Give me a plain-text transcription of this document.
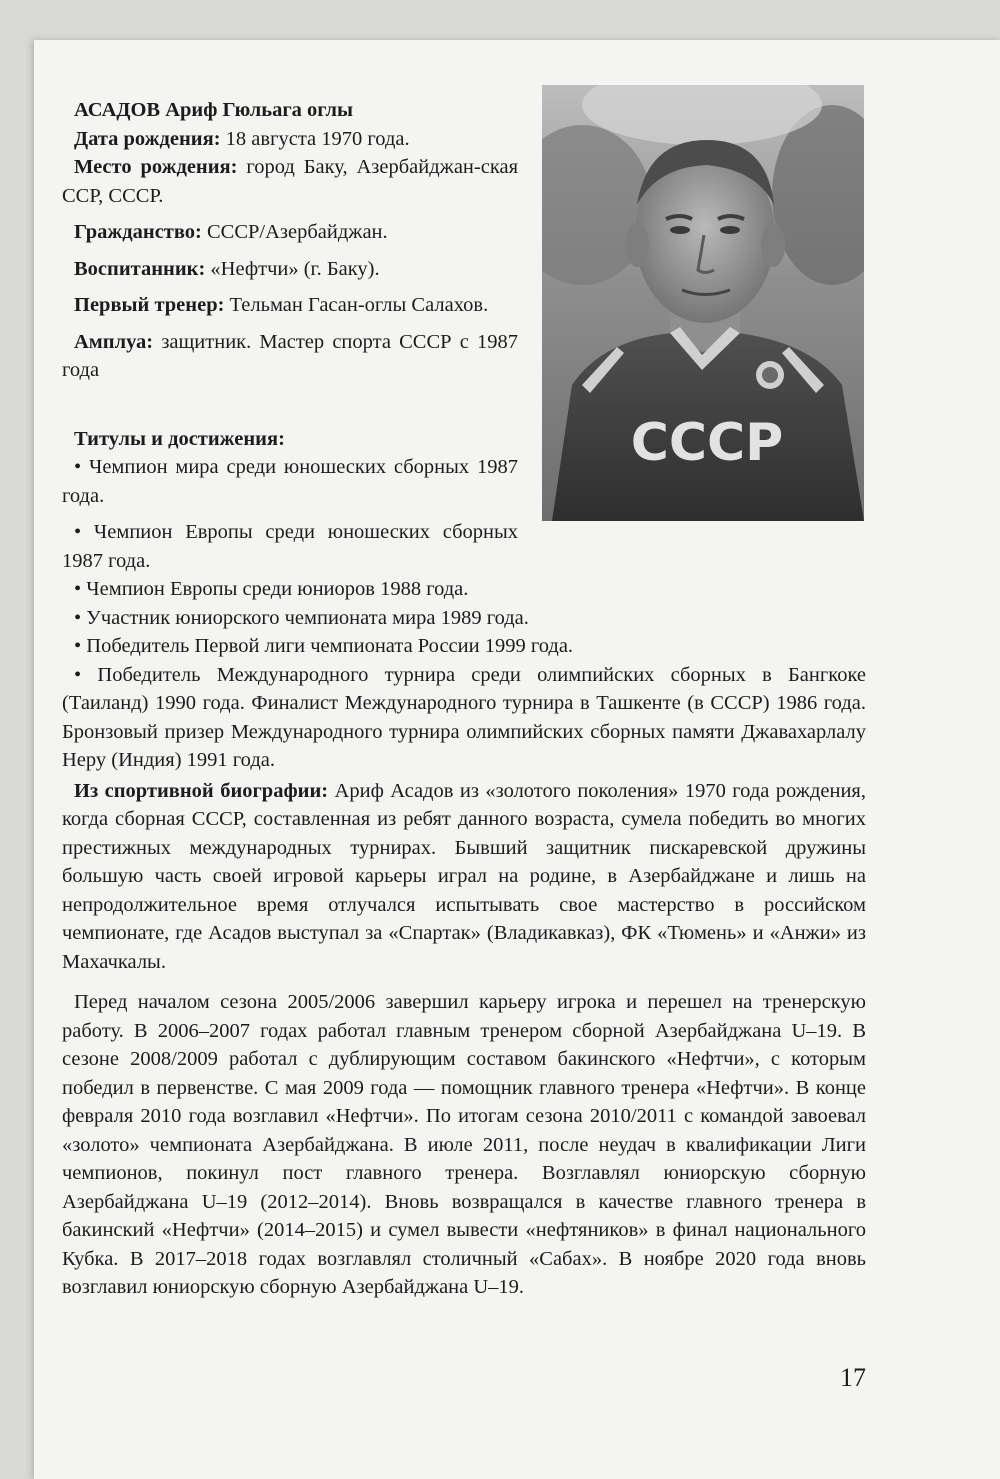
СССР

АСАДОВ Ариф Гюльага оглы

Дата рождения: 18 августа 1970 года.

Место рождения: город Баку, Азербайджан-ская ССР, СССР.

Гражданство: СССР/Азербайджан.

Воспитанник: «Нефтчи» (г. Баку).

Первый тренер: Тельман Гасан-оглы Салахов.

Амплуа: защитник. Мастер спорта СССР с 1987 года

Титулы и достижения:

• Чемпион мира среди юношеских сборных 1987 года.

• Чемпион Европы среди юношеских сборных 1987 года.

• Чемпион Европы среди юниоров 1988 года.

• Участник юниорского чемпионата мира 1989 года.

• Победитель Первой лиги чемпионата России 1999 года.

• Победитель Международного турнира среди олимпийских сборных в Бангкоке (Таиланд) 1990 года. Финалист Международного турнира в Ташкенте (в СССР) 1986 года. Бронзовый призер Международного турнира олимпийских сборных памяти Джавахарлалу Неру (Индия) 1991 года.

Из спортивной биографии: Ариф Асадов из «золотого поколения» 1970 года рождения, когда сборная СССР, составленная из ребят данного возраста, сумела победить во многих престижных международных турнирах. Бывший защитник пискаревской дружины большую часть своей игровой карьеры играл на родине, в Азербайджане и лишь на непродолжительное время отлучался испытывать свое мастерство в российском чемпионате, где Асадов выступал за «Спартак» (Владикавказ), ФК «Тюмень» и «Анжи» из Махачкалы.

Перед началом сезона 2005/2006 завершил карьеру игрока и перешел на тренерскую работу. В 2006–2007 годах работал главным тренером сборной Азербайджана U–19. В сезоне 2008/2009 работал с дублирующим составом бакинского «Нефтчи», с которым победил в первенстве. С мая 2009 года — помощник главного тренера «Нефтчи». В конце февраля 2010 года возглавил «Нефтчи». По итогам сезона 2010/2011 с командой завоевал «золото» чемпионата Азербайджана. В июле 2011, после неудач в квалификации Лиги чемпионов, покинул пост главного тренера. Возглавлял юниорскую сборную Азербайджана U–19 (2012–2014). Вновь возвращался в качестве главного тренера в бакинский «Нефтчи» (2014–2015) и сумел вывести «нефтяников» в финал национального Кубка. В 2017–2018 годах возглавлял столичный «Сабах». В ноябре 2020 года вновь возглавил юниорскую сборную Азербайджана U–19.

17
